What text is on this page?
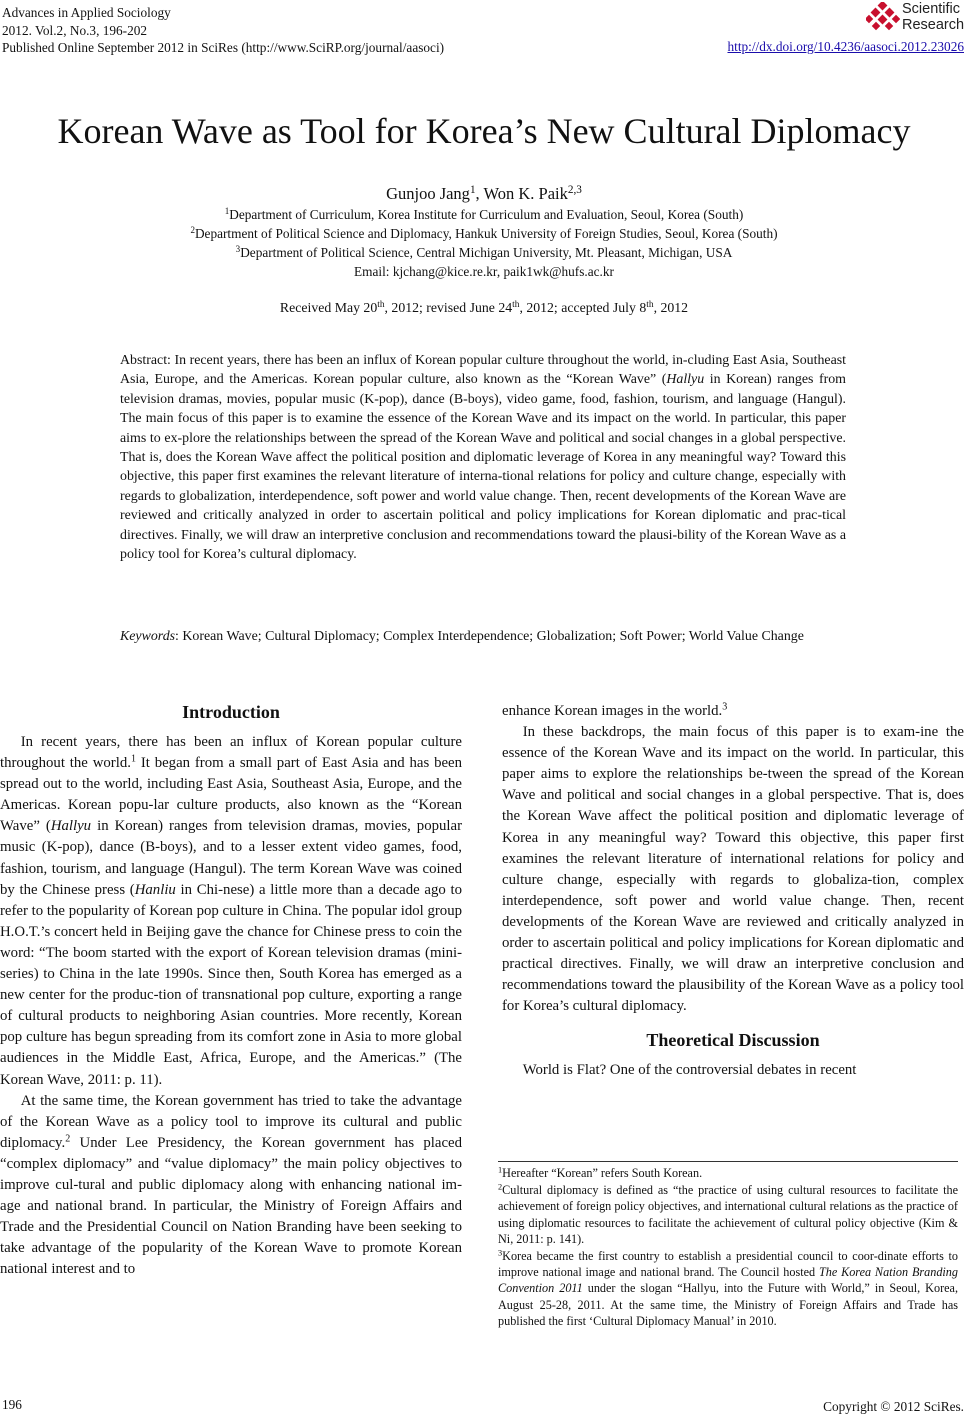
Advances in Applied Sociology
2012. Vol.2, No.3, 196-202
Published Online September 2012 in SciRes (http://www.SciRP.org/journal/aasoci)	http://dx.doi.org/10.4236/aasoci.2012.23026
Scientific
Research
Korean Wave as Tool for Korea’s New Cultural Diplomacy
Gunjoo Jang$^1$, Won K. Paik$^{2,3}$
$^1$Department of Curriculum, Korea Institute for Curriculum and Evaluation, Seoul, Korea (South)
$^2$Department of Political Science and Diplomacy, Hankuk University of Foreign Studies, Seoul, Korea (South)
$^3$Department of Political Science, Central Michigan University, Mt. Pleasant, Michigan, USA
Email: kjchang@kice.re.kr, paik1wk@hufs.ac.kr
Received May 20th, 2012; revised June 24th, 2012; accepted July 8th, 2012
Abstract: In recent years, there has been an influx of Korean popular culture throughout the world, in-cluding East Asia, Southeast Asia, Europe, and the Americas. Korean popular culture, also known as the “Korean Wave” (Hallyu in Korean) ranges from television dramas, movies, popular music (K-pop), dance (B-boys), video game, food, fashion, tourism, and language (Hangul). The main focus of this paper is to examine the essence of the Korean Wave and its impact on the world. In particular, this paper aims to ex-plore the relationships between the spread of the Korean Wave and political and social changes in a global perspective. That is, does the Korean Wave affect the political position and diplomatic leverage of Korea in any meaningful way? Toward this objective, this paper first examines the relevant literature of interna-tional relations for policy and culture change, especially with regards to globalization, interdependence, soft power and world value change. Then, recent developments of the Korean Wave are reviewed and critically analyzed in order to ascertain political and policy implications for Korean diplomatic and prac-tical directives. Finally, we will draw an interpretive conclusion and recommendations toward the plausi-bility of the Korean Wave as a policy tool for Korea’s cultural diplomacy.
Keywords : Korean Wave; Cultural Diplomacy; Complex Interdependence; Globalization; Soft Power; World Value Change
Introduction

In recent years, there has been an influx of Korean popular culture throughout the world.$^1$ It began from a small part of East Asia and has been spread out to the world, including East Asia, Southeast Asia, Europe, and the Americas. Korean popu-lar culture products, also known as the “Korean Wave” (Hallyu in Korean) ranges from television dramas, movies, popular music (K-pop), dance (B-boys), and to a lesser extent video games, food, fashion, tourism, and language (Hangul). The term Korean Wave was coined by the Chinese press (Hanliu in Chi-nese) a little more than a decade ago to refer to the popularity of Korean pop culture in China. The popular idol group H.O.T.’s concert held in Beijing gave the chance for Chinese press to coin the word: “The boom started with the export of Korean television dramas (mini-series) to China in the late 1990s. Since then, South Korea has emerged as a new center for the produc-tion of transnational pop culture, exporting a range of cultural products to neighboring Asian countries. More recently, Korean pop culture has begun spreading from its comfort zone in Asia to more global audiences in the Middle East, Africa, Europe, and the Americas.” (The Korean Wave, 2011: p. 11).

At the same time, the Korean government has tried to take the advantage of the Korean Wave as a policy tool to improve its cultural and public diplomacy.$^2$ Under Lee Presidency, the Korean government has placed “complex diplomacy” and “value diplomacy” the main policy objectives to improve cul-tural and public diplomacy along with enhancing national im-age and national brand. In particular, the Ministry of Foreign Affairs and Trade and the Presidential Council on Nation Branding have been seeking to take advantage of the popularity of the Korean Wave to promote Korean national interest and to

enhance Korean images in the world.$^3$

In these backdrops, the main focus of this paper is to exam-ine the essence of the Korean Wave and its impact on the world. In particular, this paper aims to explore the relationships be-tween the spread of the Korean Wave and political and social changes in a global perspective. That is, does the Korean Wave affect the political position and diplomatic leverage of Korea in any meaningful way? Toward this objective, this paper first examines the relevant literature of international relations for policy and culture change, especially with regards to globaliza-tion, complex interdependence, soft power and world value change. Then, recent developments of the Korean Wave are reviewed and critically analyzed in order to ascertain political and policy implications for Korean diplomatic and practical directives. Finally, we will draw an interpretive conclusion and recommendations toward the plausibility of the Korean Wave as a policy tool for Korea’s cultural diplomacy.

Theoretical Discussion

World is Flat? One of the controversial debates in recent

$^1$Hereafter “Korean” refers South Korean.

$^2$Cultural diplomacy is defined as “the practice of using cultural resources to facilitate the achievement of foreign policy objectives, and international cultural relations as the practice of using diplomatic resources to facilitate the achievement of cultural policy objective (Kim & Ni, 2011: p. 141).

$^3$Korea became the first country to establish a presidential council to coor-dinate efforts to improve national image and national brand. The Council hosted The Korea Nation Branding Convention 2011 under the slogan “Hallyu, into the Future with World,” in Seoul, Korea, August 25-28, 2011. At the same time, the Ministry of Foreign Affairs and Trade has published the first ‘Cultural Diplomacy Manual’ in 2010.

196	Copyright © 2012 SciRes.
